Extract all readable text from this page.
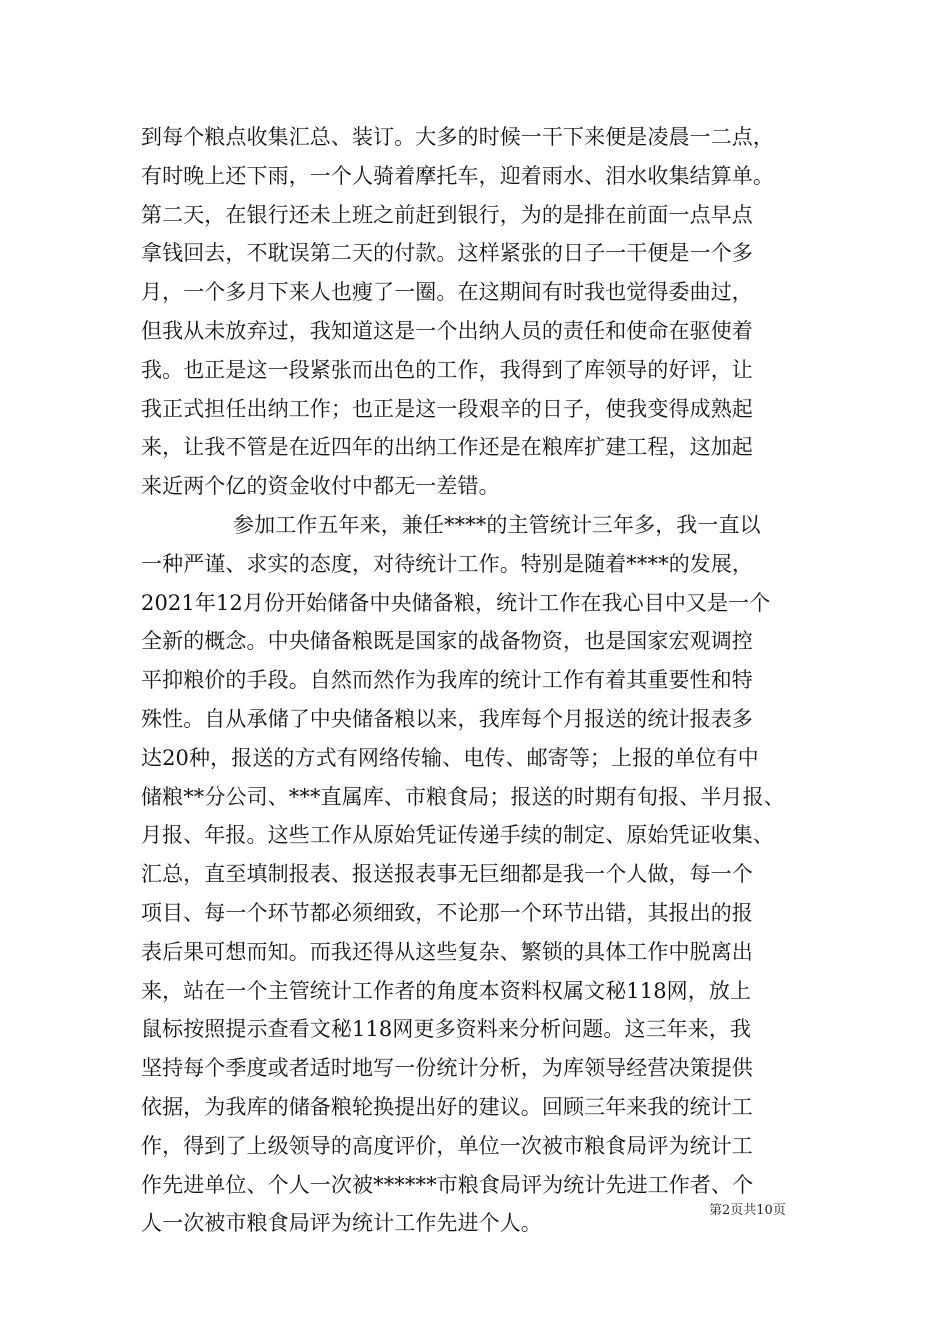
到每个粮点收集汇总、装订。大多的时候一干下来便是凌晨一二点，
有时晚上还下雨，一个人骑着摩托车，迎着雨水、泪水收集结算单。
第二天，在银行还未上班之前赶到银行，为的是排在前面一点早点
拿钱回去，不耽误第二天的付款。这样紧张的日子一干便是一个多
月，一个多月下来人也瘦了一圈。在这期间有时我也觉得委曲过，
但我从未放弃过，我知道这是一个出纳人员的责任和使命在驱使着
我。也正是这一段紧张而出色的工作，我得到了库领导的好评，让
我正式担任出纳工作；也正是这一段艰辛的日子，使我变得成熟起
来，让我不管是在近四年的出纳工作还是在粮库扩建工程，这加起
来近两个亿的资金收付中都无一差错。
参加工作五年来，兼任****的主管统计三年多，我一直以
一种严谨、求实的态度，对待统计工作。特别是随着****的发展，
2021年12月份开始储备中央储备粮，统计工作在我心目中又是一个
全新的概念。中央储备粮既是国家的战备物资，也是国家宏观调控
平抑粮价的手段。自然而然作为我库的统计工作有着其重要性和特
殊性。自从承储了中央储备粮以来，我库每个月报送的统计报表多
达20种，报送的方式有网络传输、电传、邮寄等；上报的单位有中
储粮**分公司、***直属库、市粮食局；报送的时期有旬报、半月报、
月报、年报。这些工作从原始凭证传递手续的制定、原始凭证收集、
汇总，直至填制报表、报送报表事无巨细都是我一个人做，每一个
项目、每一个环节都必须细致，不论那一个环节出错，其报出的报
表后果可想而知。而我还得从这些复杂、繁锁的具体工作中脱离出
来，站在一个主管统计工作者的角度本资料权属文秘118网，放上
鼠标按照提示查看文秘118网更多资料来分析问题。这三年来，我
坚持每个季度或者适时地写一份统计分析，为库领导经营决策提供
依据，为我库的储备粮轮换提出好的建议。回顾三年来我的统计工
作，得到了上级领导的高度评价，单位一次被市粮食局评为统计工
作先进单位、个人一次被******市粮食局评为统计先进工作者、个
人一次被市粮食局评为统计工作先进个人。
第2页共10页
